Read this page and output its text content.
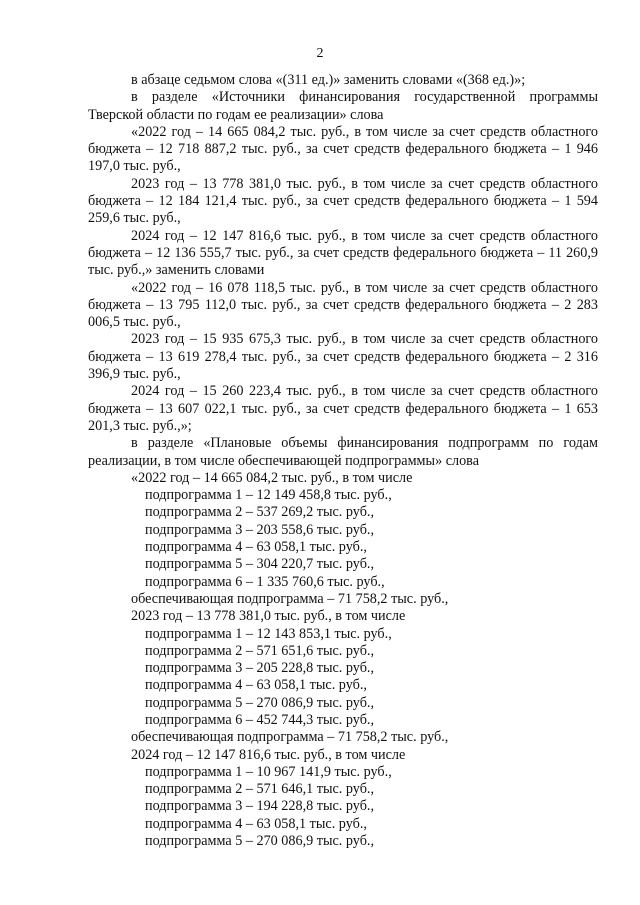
2

в абзаце седьмом слова «(311 ед.)» заменить словами «(368 ед.)»;

в разделе «Источники финансирования государственной программы Тверской области по годам ее реализации» слова

«2022 год – 14 665 084,2 тыс. руб., в том числе за счет средств областного бюджета – 12 718 887,2 тыс. руб., за счет средств федерального бюджета – 1 946 197,0 тыс. руб.,

2023 год – 13 778 381,0 тыс. руб., в том числе за счет средств областного бюджета – 12 184 121,4 тыс. руб., за счет средств федерального бюджета – 1 594 259,6 тыс. руб.,

2024 год – 12 147 816,6 тыс. руб., в том числе за счет средств областного бюджета – 12 136 555,7 тыс. руб., за счет средств федерального бюджета – 11 260,9 тыс. руб.,» заменить словами

«2022 год – 16 078 118,5 тыс. руб., в том числе за счет средств областного бюджета – 13 795 112,0 тыс. руб., за счет средств федерального бюджета – 2 283 006,5 тыс. руб.,

2023 год – 15 935 675,3 тыс. руб., в том числе за счет средств областного бюджета – 13 619 278,4 тыс. руб., за счет средств федерального бюджета – 2 316 396,9 тыс. руб.,

2024 год – 15 260 223,4 тыс. руб., в том числе за счет средств областного бюджета – 13 607 022,1 тыс. руб., за счет средств федерального бюджета – 1 653 201,3 тыс. руб.,»;

в разделе «Плановые объемы финансирования подпрограмм по годам реализации, в том числе обеспечивающей подпрограммы» слова

«2022 год – 14 665 084,2 тыс. руб., в том числе
подпрограмма 1 – 12 149 458,8 тыс. руб.,
подпрограмма 2 – 537 269,2 тыс. руб.,
подпрограмма 3 – 203 558,6 тыс. руб.,
подпрограмма 4 – 63 058,1 тыс. руб.,
подпрограмма 5 – 304 220,7 тыс. руб.,
подпрограмма 6 – 1 335 760,6 тыс. руб.,
обеспечивающая подпрограмма – 71 758,2 тыс. руб.,
2023 год – 13 778 381,0 тыс. руб., в том числе
подпрограмма 1 – 12 143 853,1 тыс. руб.,
подпрограмма 2 – 571 651,6 тыс. руб.,
подпрограмма 3 – 205 228,8 тыс. руб.,
подпрограмма 4 – 63 058,1 тыс. руб.,
подпрограмма 5 – 270 086,9 тыс. руб.,
подпрограмма 6 – 452 744,3 тыс. руб.,
обеспечивающая подпрограмма – 71 758,2 тыс. руб.,
2024 год – 12 147 816,6 тыс. руб., в том числе
подпрограмма 1 – 10 967 141,9 тыс. руб.,
подпрограмма 2 – 571 646,1 тыс. руб.,
подпрограмма 3 – 194 228,8 тыс. руб.,
подпрограмма 4 – 63 058,1 тыс. руб.,
подпрограмма 5 – 270 086,9 тыс. руб.,
